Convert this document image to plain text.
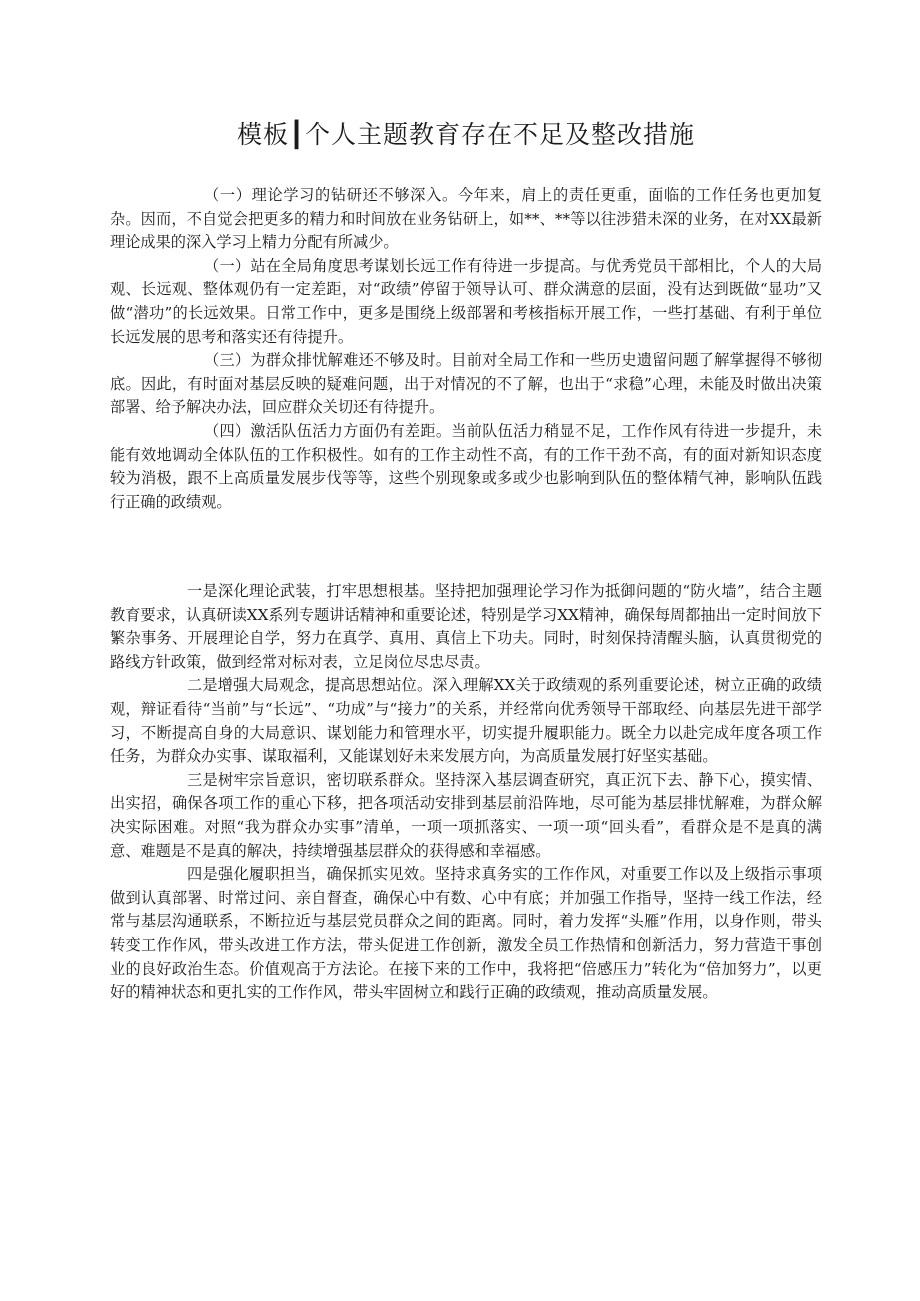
模板┃个人主题教育存在不足及整改措施

（一）理论学习的钻研还不够深入。今年来，肩上的责任更重，面临的工作任务也更加复杂。因而，不自觉会把更多的精力和时间放在业务钻研上，如**、**等以往涉猎未深的业务，在对XX最新理论成果的深入学习上精力分配有所减少。

（一）站在全局角度思考谋划长远工作有待进一步提高。与优秀党员干部相比，个人的大局观、长远观、整体观仍有一定差距，对“政绩”停留于领导认可、群众满意的层面，没有达到既做“显功”又做“潜功”的长远效果。日常工作中，更多是围绕上级部署和考核指标开展工作，一些打基础、有利于单位长远发展的思考和落实还有待提升。

（三）为群众排忧解难还不够及时。目前对全局工作和一些历史遗留问题了解掌握得不够彻底。因此，有时面对基层反映的疑难问题，出于对情况的不了解，也出于“求稳”心理，未能及时做出决策部署、给予解决办法，回应群众关切还有待提升。

（四）激活队伍活力方面仍有差距。当前队伍活力稍显不足，工作作风有待进一步提升，未能有效地调动全体队伍的工作积极性。如有的工作主动性不高，有的工作干劲不高，有的面对新知识态度较为消极，跟不上高质量发展步伐等等，这些个别现象或多或少也影响到队伍的整体精气神，影响队伍践行正确的政绩观。

一是深化理论武装，打牢思想根基。坚持把加强理论学习作为抵御问题的“防火墙”，结合主题教育要求，认真研读XX系列专题讲话精神和重要论述，特别是学习XX精神，确保每周都抽出一定时间放下繁杂事务、开展理论自学，努力在真学、真用、真信上下功夫。同时，时刻保持清醒头脑，认真贯彻党的路线方针政策，做到经常对标对表，立足岗位尽忠尽责。

二是增强大局观念，提高思想站位。深入理解XX关于政绩观的系列重要论述，树立正确的政绩观，辩证看待“当前”与“长远”、“功成”与“接力”的关系，并经常向优秀领导干部取经、向基层先进干部学习，不断提高自身的大局意识、谋划能力和管理水平，切实提升履职能力。既全力以赴完成年度各项工作任务，为群众办实事、谋取福利，又能谋划好未来发展方向，为高质量发展打好坚实基础。

三是树牢宗旨意识，密切联系群众。坚持深入基层调查研究，真正沉下去、静下心，摸实情、出实招，确保各项工作的重心下移，把各项活动安排到基层前沿阵地，尽可能为基层排忧解难，为群众解决实际困难。对照“我为群众办实事”清单，一项一项抓落实、一项一项“回头看”，看群众是不是真的满意、难题是不是真的解决，持续增强基层群众的获得感和幸福感。

四是强化履职担当，确保抓实见效。坚持求真务实的工作作风，对重要工作以及上级指示事项做到认真部署、时常过问、亲自督查，确保心中有数、心中有底；并加强工作指导，坚持一线工作法，经常与基层沟通联系，不断拉近与基层党员群众之间的距离。同时，着力发挥“头雁”作用，以身作则，带头转变工作作风，带头改进工作方法，带头促进工作创新，激发全员工作热情和创新活力，努力营造干事创业的良好政治生态。价值观高于方法论。在接下来的工作中，我将把“倍感压力”转化为“倍加努力”，以更好的精神状态和更扎实的工作作风，带头牢固树立和践行正确的政绩观，推动高质量发展。
